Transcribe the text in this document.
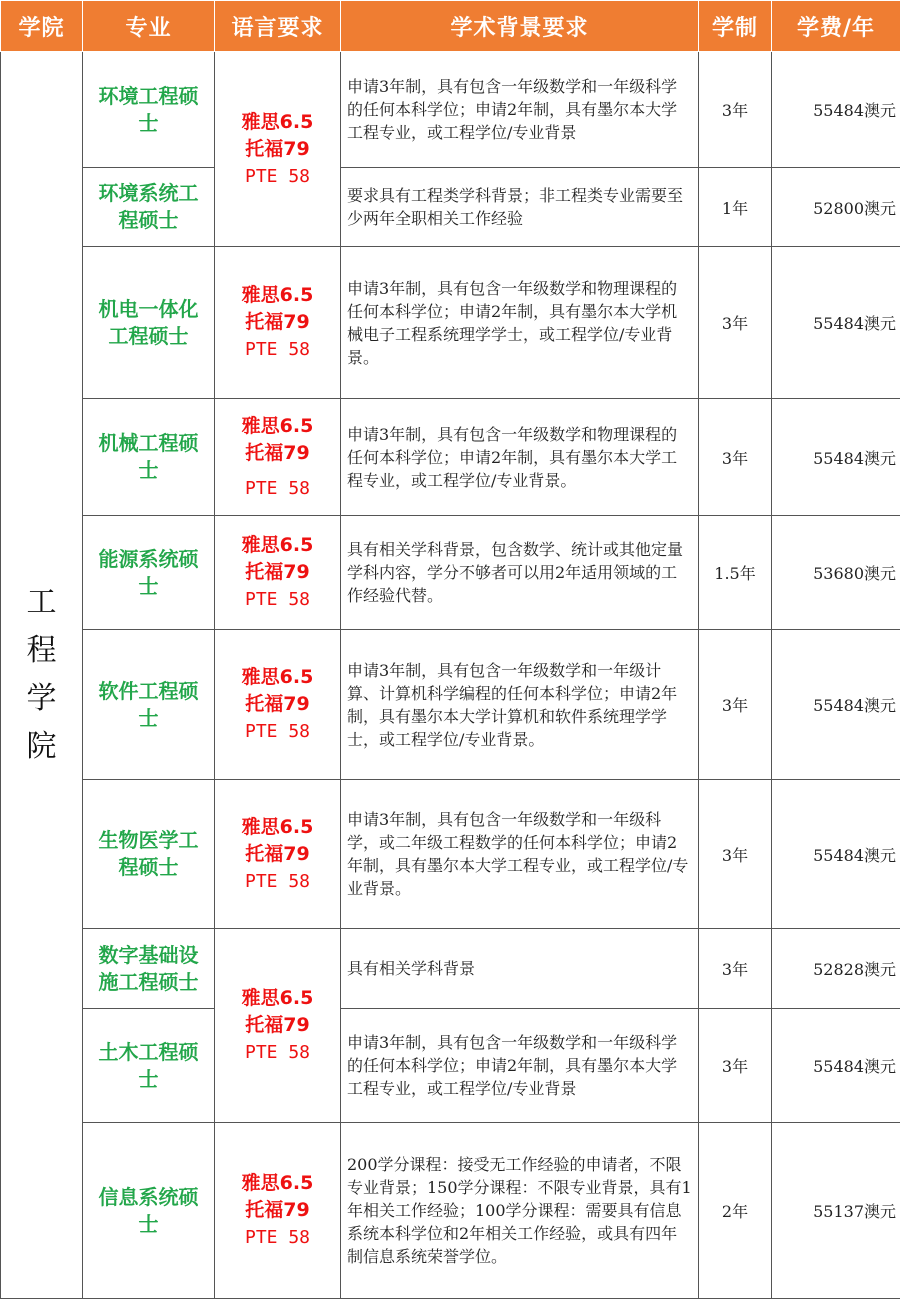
学院	专业	语言要求	学术背景要求	学制	学费/年

工
程
学
院	环境工程硕士	雅思6.5
托福79
PTE 58	申请3年制，具有包含一年级数学和一年级科学的任何本科学位；申请2年制，具有墨尔本大学工程专业，或工程学位/专业背景	3年	55484澳元
	环境系统工程硕士		要求具有工程类学科背景；非工程类专业需要至少两年全职相关工作经验	1年	52800澳元
	机电一体化工程硕士	雅思6.5
托福79
PTE 58	申请3年制，具有包含一年级数学和物理课程的任何本科学位；申请2年制，具有墨尔本大学机械电子工程系统理学学士，或工程学位/专业背景。	3年	55484澳元
	机械工程硕士	雅思6.5
托福79
PTE 58	申请3年制，具有包含一年级数学和物理课程的任何本科学位；申请2年制，具有墨尔本大学工程专业，或工程学位/专业背景。	3年	55484澳元
	能源系统硕士	雅思6.5
托福79
PTE 58	具有相关学科背景，包含数学、统计或其他定量学科内容，学分不够者可以用2年适用领域的工作经验代替。	1.5年	53680澳元
	软件工程硕士	雅思6.5
托福79
PTE 58	申请3年制，具有包含一年级数学和一年级计算、计算机科学编程的任何本科学位；申请2年制，具有墨尔本大学计算机和软件系统理学学士，或工程学位/专业背景。	3年	55484澳元
	生物医学工程硕士	雅思6.5
托福79
PTE 58	申请3年制，具有包含一年级数学和一年级科学，或二年级工程数学的任何本科学位；申请2年制，具有墨尔本大学工程专业，或工程学位/专业背景。	3年	55484澳元
	数字基础设施工程硕士	雅思6.5
托福79
PTE 58	具有相关学科背景	3年	52828澳元
	土木工程硕士		申请3年制，具有包含一年级数学和一年级科学的任何本科学位；申请2年制，具有墨尔本大学工程专业，或工程学位/专业背景	3年	55484澳元
	信息系统硕士	雅思6.5
托福79
PTE 58	200学分课程：接受无工作经验的申请者，不限专业背景；150学分课程：不限专业背景，具有1年相关工作经验；100学分课程：需要具有信息系统本科学位和2年相关工作经验，或具有四年制信息系统荣誉学位。	2年	55137澳元
